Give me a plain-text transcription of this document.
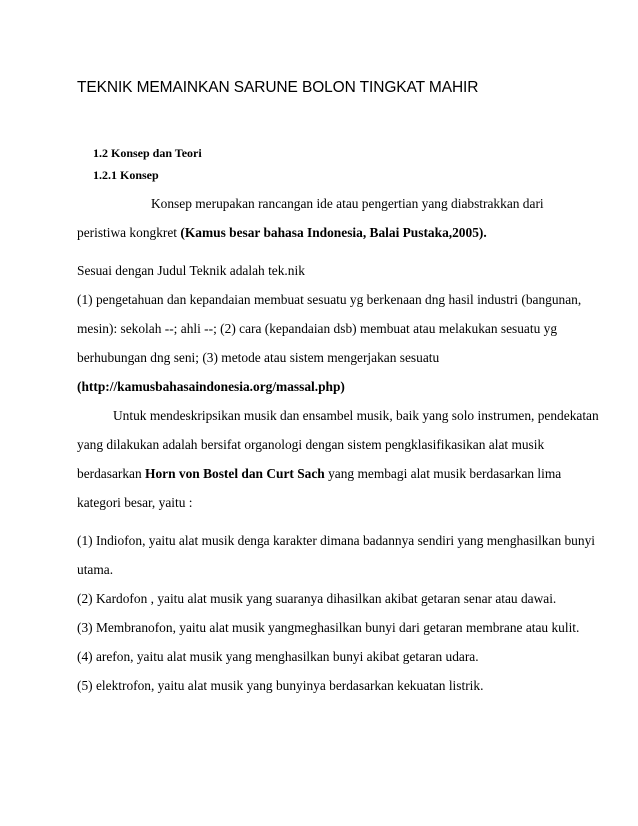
TEKNIK MEMAINKAN SARUNE BOLON TINGKAT MAHIR
1.2 Konsep dan Teori
1.2.1 Konsep
Konsep merupakan rancangan ide atau pengertian yang diabstrakkan dari
peristiwa kongkret (Kamus besar bahasa Indonesia, Balai Pustaka,2005).
Sesuai dengan Judul Teknik adalah tek.nik
(1) pengetahuan dan kepandaian membuat sesuatu yg berkenaan dng hasil industri (bangunan,
mesin): sekolah --; ahli --; (2) cara (kepandaian dsb) membuat atau melakukan sesuatu yg
berhubungan dng seni; (3) metode atau sistem mengerjakan sesuatu
(http://kamusbahasaindonesia.org/massal.php)
Untuk mendeskripsikan musik dan ensambel musik, baik yang solo instrumen, pendekatan
yang dilakukan adalah bersifat organologi dengan sistem pengklasifikasikan alat musik
berdasarkan Horn von Bostel dan Curt Sach yang membagi alat musik berdasarkan lima
kategori besar, yaitu :
(1) Indiofon, yaitu alat musik denga karakter dimana badannya sendiri yang menghasilkan bunyi
utama.
(2) Kardofon , yaitu alat musik yang suaranya dihasilkan akibat getaran senar atau dawai.
(3) Membranofon, yaitu alat musik yangmeghasilkan bunyi dari getaran membrane atau kulit.
(4) arefon, yaitu alat musik yang menghasilkan bunyi akibat getaran udara.
(5) elektrofon, yaitu alat musik yang bunyinya berdasarkan kekuatan listrik.
